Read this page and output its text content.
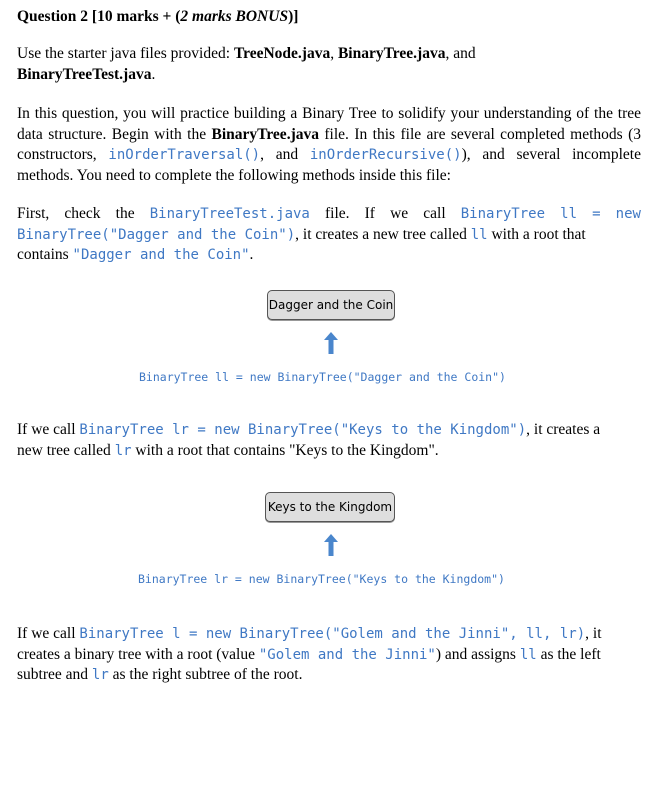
Question 2 [10 marks + (2 marks BONUS)]
Use the starter java files provided: TreeNode.java, BinaryTree.java, and
BinaryTreeTest.java.
In this question, you will practice building a Binary Tree to solidify your understanding of the tree data structure. Begin with the BinaryTree.java file. In this file are several completed methods (3 constructors, inOrderTraversal(), and inOrderRecursive()), and several incomplete methods. You need to complete the following methods inside this file:
First, check the BinaryTreeTest.java file. If we call BinaryTree ll = new
BinaryTree("Dagger and the Coin"), it creates a new tree called ll with a root that
contains "Dagger and the Coin".
Dagger and the Coin
BinaryTree ll = new BinaryTree("Dagger and the Coin")
If we call BinaryTree lr = new BinaryTree("Keys to the Kingdom"), it creates a
new tree called lr with a root that contains "Keys to the Kingdom".
Keys to the Kingdom
BinaryTree lr = new BinaryTree("Keys to the Kingdom")
If we call BinaryTree l = new BinaryTree("Golem and the Jinni", ll, lr), it
creates a binary tree with a root (value "Golem and the Jinni") and assigns ll as the left
subtree and lr as the right subtree of the root.
